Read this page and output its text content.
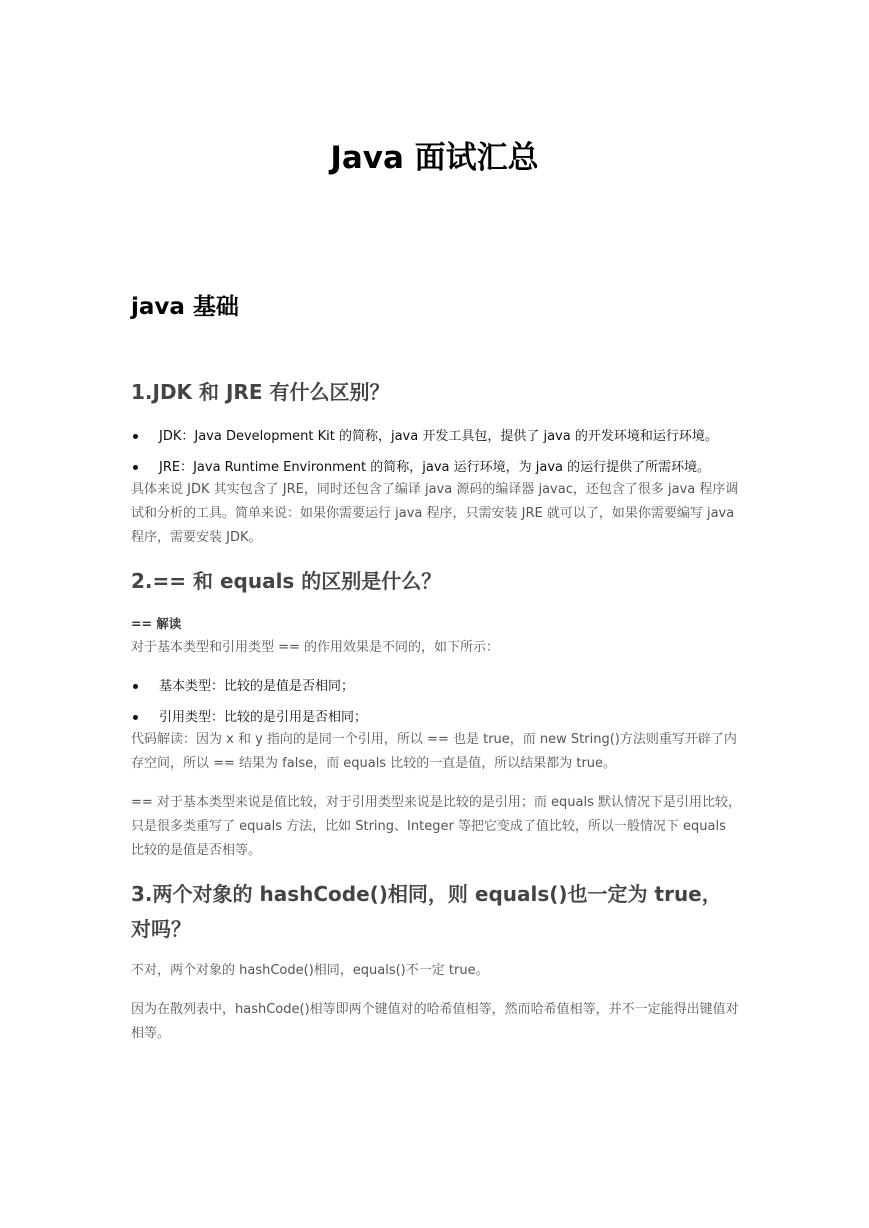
Java 面试汇总
java 基础
1.JDK 和 JRE 有什么区别？
JDK：Java Development Kit 的简称，java 开发工具包，提供了 java 的开发环境和运行环境。
JRE：Java Runtime Environment 的简称，java 运行环境，为 java 的运行提供了所需环境。

具体来说 JDK 其实包含了 JRE，同时还包含了编译 java 源码的编译器 javac，还包含了很多 java 程序调试和分析的工具。简单来说：如果你需要运行 java 程序，只需安装 JRE 就可以了，如果你需要编写 java 程序，需要安装 JDK。

2.== 和 equals 的区别是什么？
== 解读

对于基本类型和引用类型 == 的作用效果是不同的，如下所示：

基本类型：比较的是值是否相同；
引用类型：比较的是引用是否相同；

代码解读：因为 x 和 y 指向的是同一个引用，所以 == 也是 true，而 new String()方法则重写开辟了内存空间，所以 == 结果为 false，而 equals 比较的一直是值，所以结果都为 true。

== 对于基本类型来说是值比较，对于引用类型来说是比较的是引用；而 equals 默认情况下是引用比较，只是很多类重写了 equals 方法，比如 String、Integer 等把它变成了值比较，所以一般情况下 equals 比较的是值是否相等。

3.两个对象的 hashCode()相同，则 equals()也一定为 true，对吗？

不对，两个对象的 hashCode()相同，equals()不一定 true。

因为在散列表中，hashCode()相等即两个键值对的哈希值相等，然而哈希值相等，并不一定能得出键值对相等。
